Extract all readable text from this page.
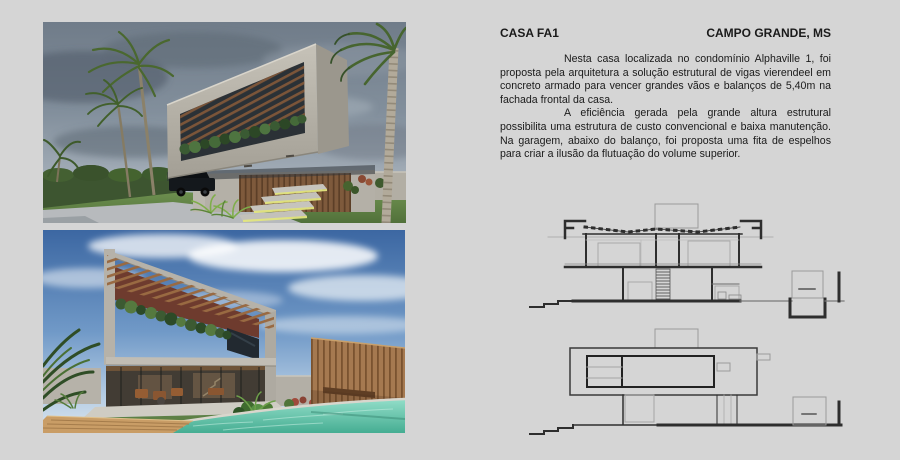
CASA FA1	CAMPO GRANDE, MS

Nesta casa localizada no condomínio Alphaville 1, foi proposta pela arquitetura a solução estrutural de vigas vierendeel em concreto armado para vencer grandes vãos e balanços de 5,40m na fachada frontal da casa.

A eficiência gerada pela grande altura estrutural possibilita uma estrutura de custo convencional e baixa manutenção. Na garagem, abaixo do balanço, foi proposta uma fita de espelhos para criar a ilusão da flutuação do volume superior.
